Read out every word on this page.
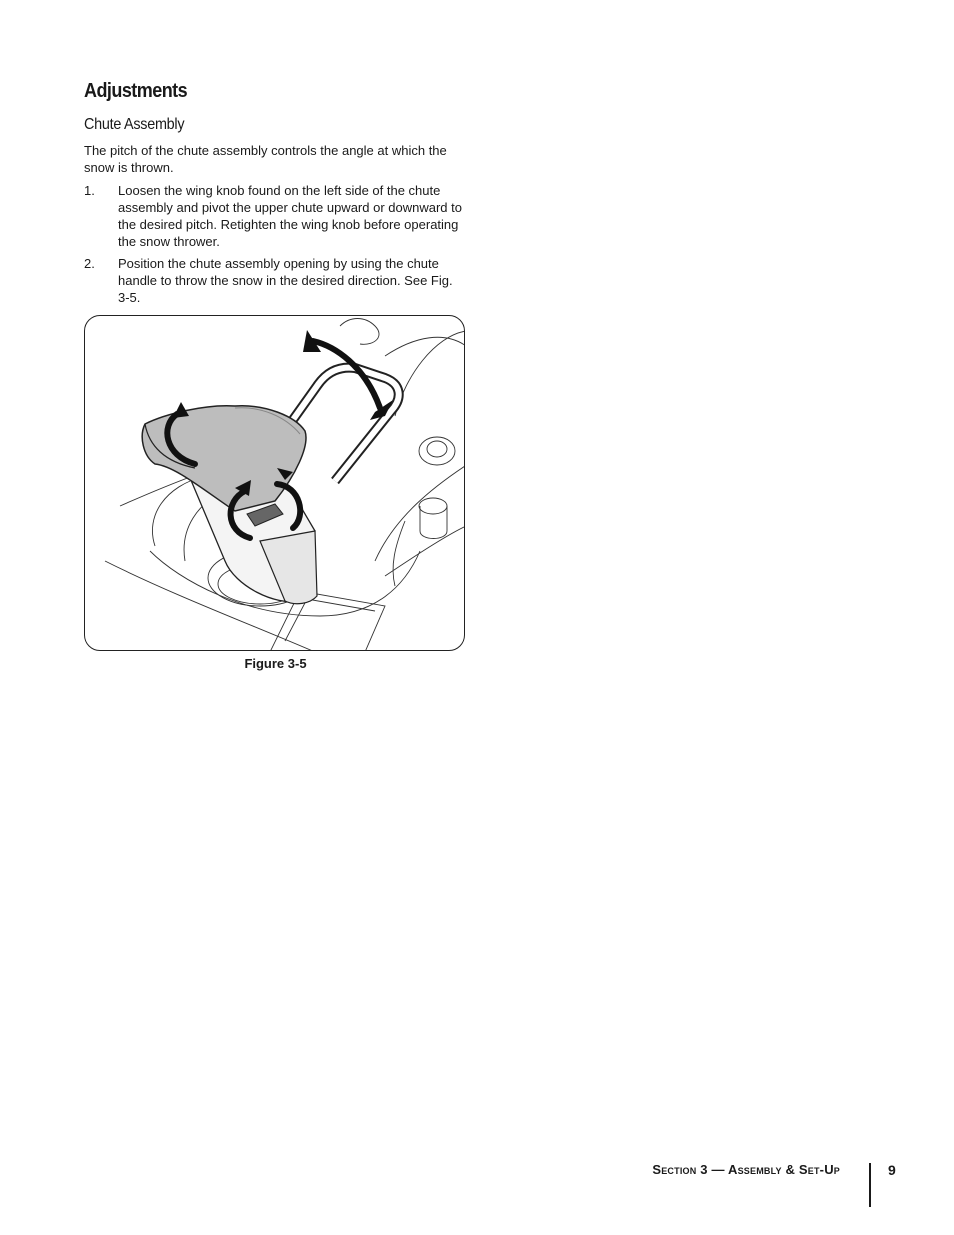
Adjustments
Chute Assembly

The pitch of the chute assembly controls the angle at which the snow is thrown.

1. Loosen the wing knob found on the left side of the chute assembly and pivot the upper chute upward or downward to the desired pitch. Retighten the wing knob before operating the snow thrower.
2. Position the chute assembly opening by using the chute handle to throw the snow in the desired direction. See Fig. 3-5.
Figure 3-5
Section 3 — Assembly & Set-Up	9
